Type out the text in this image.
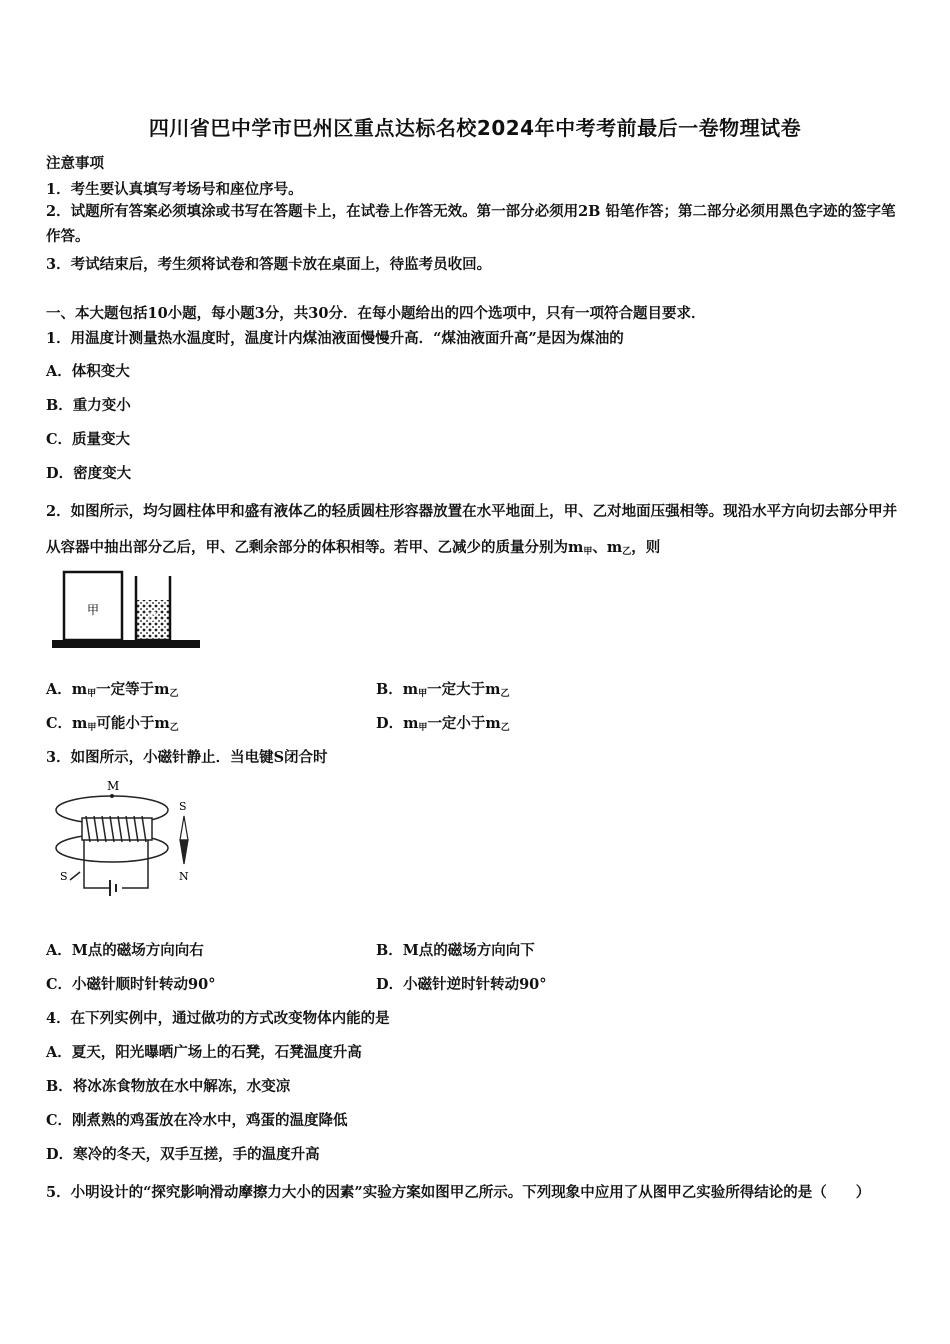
四川省巴中学市巴州区重点达标名校2024年中考考前最后一卷物理试卷
注意事项
1．考生要认真填写考场号和座位序号。
2．试题所有答案必须填涂或书写在答题卡上，在试卷上作答无效。第一部分必须用2B 铅笔作答；第二部分必须用黑色字迹的签字笔作答。
3．考试结束后，考生须将试卷和答题卡放在桌面上，待监考员收回。
一、本大题包括10小题，每小题3分，共30分．在每小题给出的四个选项中，只有一项符合题目要求．
1．用温度计测量热水温度时，温度计内煤油液面慢慢升高．“煤油液面升高”是因为煤油的
A．体积变大
B．重力变小
C．质量变大
D．密度变大
2．如图所示，均匀圆柱体甲和盛有液体乙的轻质圆柱形容器放置在水平地面上，甲、乙对地面压强相等。现沿水平方向切去部分甲并从容器中抽出部分乙后，甲、乙剩余部分的体积相等。若甲、乙减少的质量分别为$m_甲$、$m_乙$，则
甲	乙
A．$m_甲$一定等于$m_乙$	B．$m_甲$一定大于$m_乙$
C．$m_甲$可能小于$m_乙$	D．$m_甲$一定小于$m_乙$
3．如图所示，小磁针静止．当电键S闭合时
M
S
N
S
A．M点的磁场方向向右	B．M点的磁场方向向下
C．小磁针顺时针转动90°	D．小磁针逆时针转动90°
4．在下列实例中，通过做功的方式改变物体内能的是
A．夏天，阳光曝晒广场上的石凳，石凳温度升高
B．将冰冻食物放在水中解冻，水变凉
C．刚煮熟的鸡蛋放在冷水中，鸡蛋的温度降低
D．寒冷的冬天，双手互搓，手的温度升高
5．小明设计的“探究影响滑动摩擦力大小的因素”实验方案如图甲乙所示。下列现象中应用了从图甲乙实验所得结论的是（　　）
